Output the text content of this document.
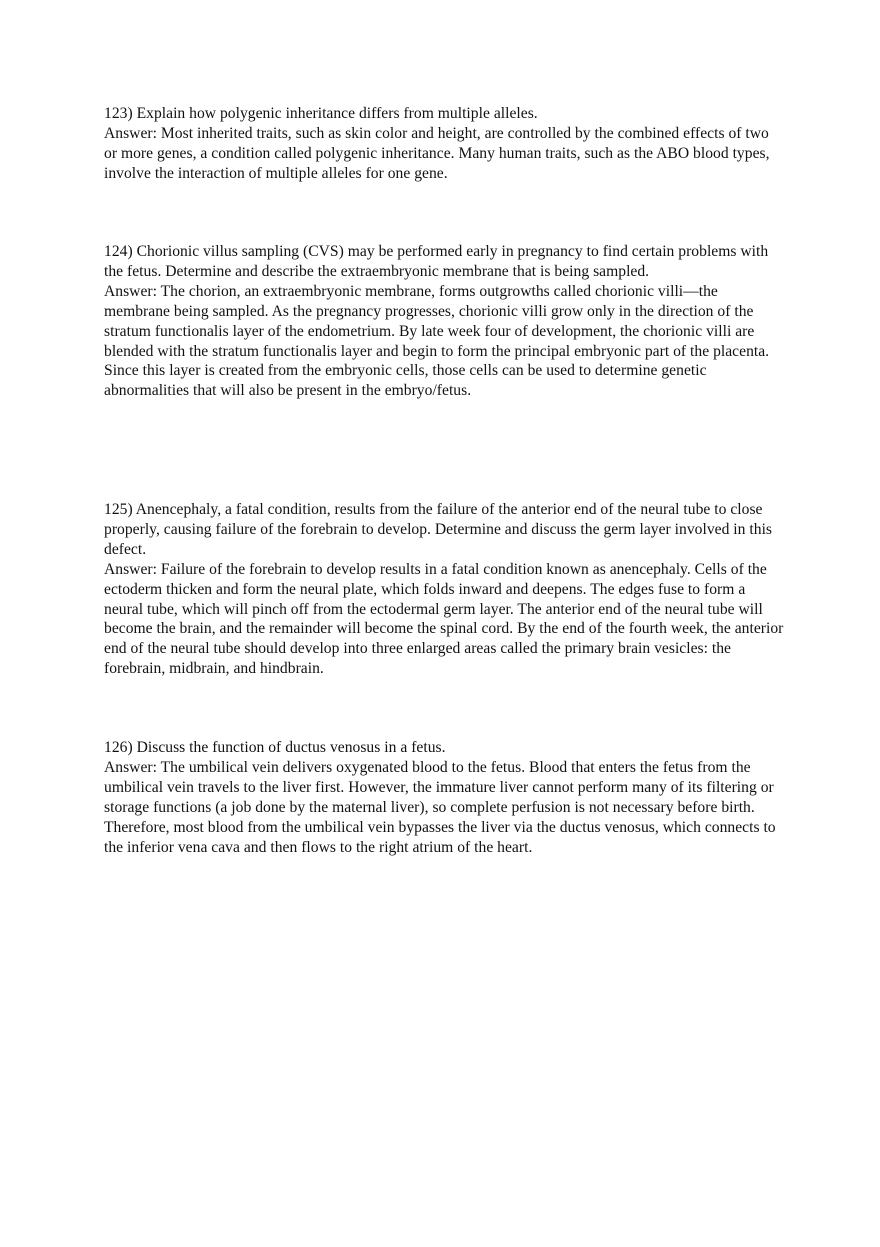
123) Explain how polygenic inheritance differs from multiple alleles.

Answer: Most inherited traits, such as skin color and height, are controlled by the combined effects of two or more genes, a condition called polygenic inheritance. Many human traits, such as the ABO blood types, involve the interaction of multiple alleles for one gene.

124) Chorionic villus sampling (CVS) may be performed early in pregnancy to find certain problems with the fetus. Determine and describe the extraembryonic membrane that is being sampled.

Answer: The chorion, an extraembryonic membrane, forms outgrowths called chorionic villi—the membrane being sampled. As the pregnancy progresses, chorionic villi grow only in the direction of the stratum functionalis layer of the endometrium. By late week four of development, the chorionic villi are blended with the stratum functionalis layer and begin to form the principal embryonic part of the placenta. Since this layer is created from the embryonic cells, those cells can be used to determine genetic abnormalities that will also be present in the embryo/fetus.

125) Anencephaly, a fatal condition, results from the failure of the anterior end of the neural tube to close properly, causing failure of the forebrain to develop. Determine and discuss the germ layer involved in this defect.

Answer: Failure of the forebrain to develop results in a fatal condition known as anencephaly. Cells of the ectoderm thicken and form the neural plate, which folds inward and deepens. The edges fuse to form a neural tube, which will pinch off from the ectodermal germ layer. The anterior end of the neural tube will become the brain, and the remainder will become the spinal cord. By the end of the fourth week, the anterior end of the neural tube should develop into three enlarged areas called the primary brain vesicles: the forebrain, midbrain, and hindbrain.

126) Discuss the function of ductus venosus in a fetus.

Answer: The umbilical vein delivers oxygenated blood to the fetus. Blood that enters the fetus from the umbilical vein travels to the liver first. However, the immature liver cannot perform many of its filtering or storage functions (a job done by the maternal liver), so complete perfusion is not necessary before birth. Therefore, most blood from the umbilical vein bypasses the liver via the ductus venosus, which connects to the inferior vena cava and then flows to the right atrium of the heart.
